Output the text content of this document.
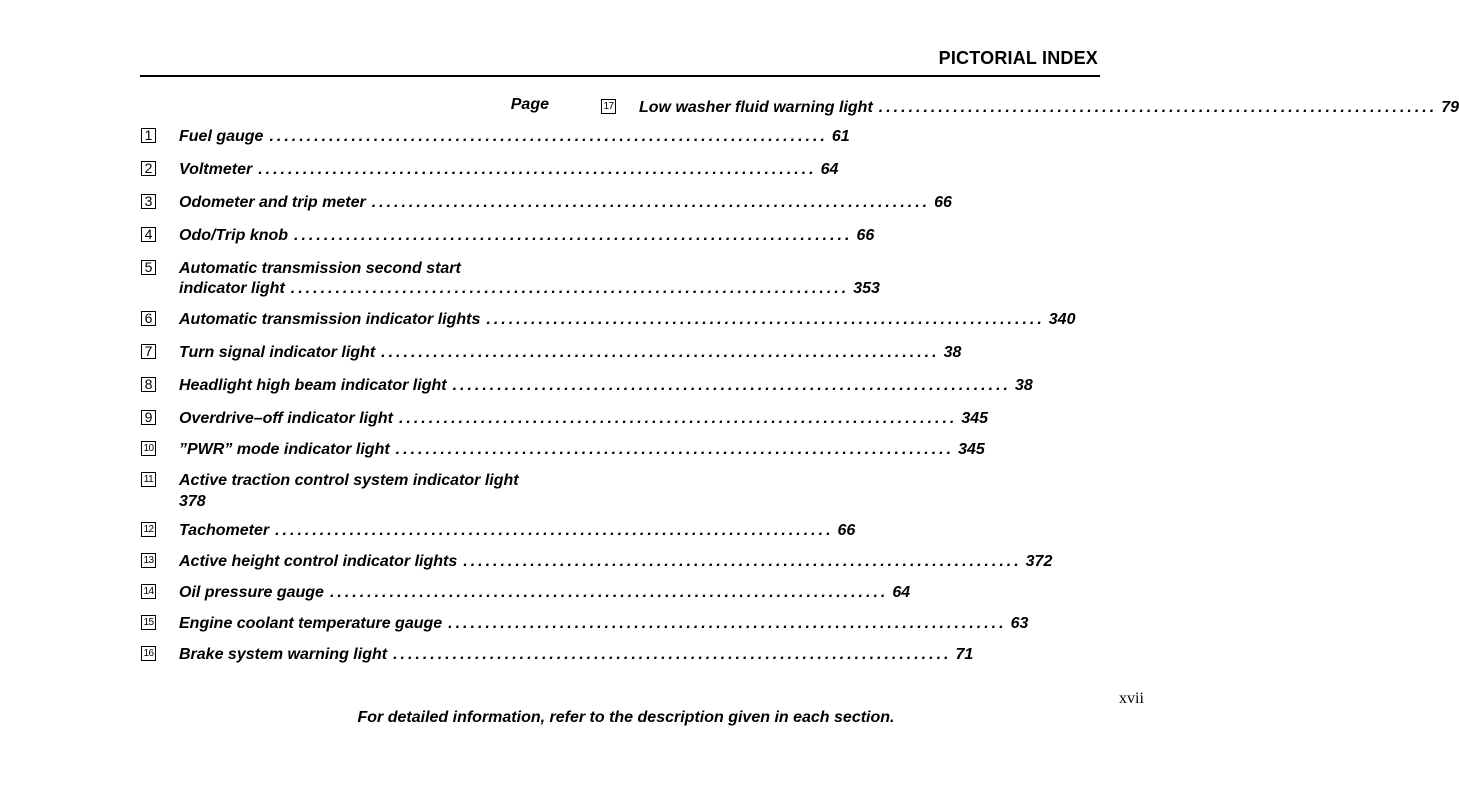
PICTORIAL INDEX
Page
1 Fuel gauge ........................................................................... 61
2 Voltmeter ........................................................................... 64
3 Odometer and trip meter ........................................................................... 66
4 Odo/Trip knob ........................................................................... 66
5 Automatic transmission second start
indicator light ........................................................................... 353
6 Automatic transmission indicator lights ........................................................................... 340
7 Turn signal indicator light ........................................................................... 38
8 Headlight high beam indicator light ........................................................................... 38
9 Overdrive–off indicator light ........................................................................... 345
10 ”PWR” mode indicator light ........................................................................... 345
11 Active traction control system indicator light
378
12 Tachometer ........................................................................... 66
13 Active height control indicator lights ........................................................................... 372
14 Oil pressure gauge ........................................................................... 64
15 Engine coolant temperature gauge ........................................................................... 63
16 Brake system warning light ........................................................................... 71
17 Low washer fluid warning light ........................................................................... 79
xvii
For detailed information, refer to the description given in each section.
